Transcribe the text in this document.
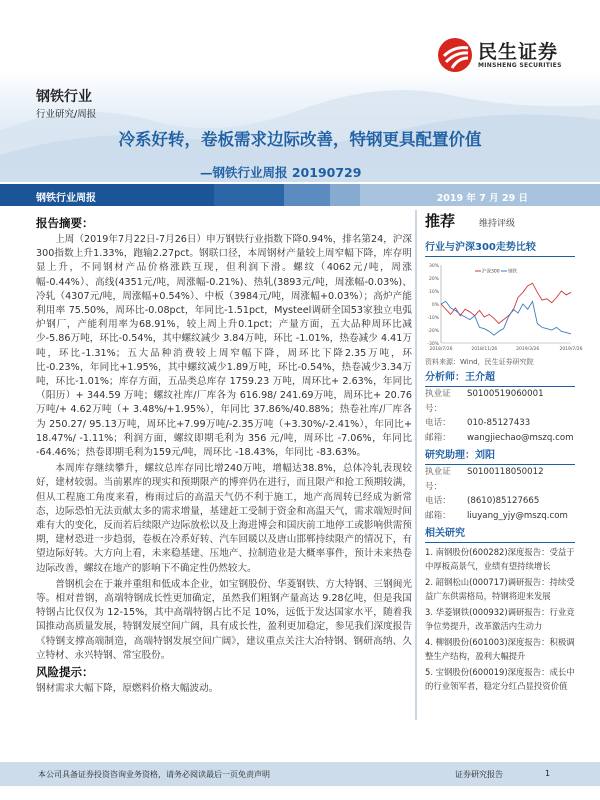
民生证券
MINSHENG SECURITIES
钢铁行业
行业研究/周报
冷系好转，卷板需求边际改善，特钢更具配置价值
—钢铁行业周报 20190729
钢铁行业周报	2019 年 7 月 29 日
报告摘要：

上周（2019年7月22日-7月26日）申万钢铁行业指数下降0.94%，排名第24，沪深300指数上升1.33%，跑输2.27pct。钢联口径，本周钢材产量较上周窄幅下降，库存明显上升，不同钢材产品价格涨跌互现，但利润下滑。螺纹（4062元/吨，周涨幅-0.44%）、高线(4351元/吨，周涨幅-0.21%)、热轧(3893元/吨，周涨幅-0.03%)、冷轧（4307元/吨，周涨幅+0.54%）、中板（3984元/吨，周涨幅+0.03%）；高炉产能利用率 75.50%，周环比-0.08pct，年同比-1.51pct，Mysteel调研全国53家独立电弧炉钢厂，产能利用率为68.91%，较上周上升0.1pct；产量方面，五大品种周环比减少-5.86万吨，环比-0.54%，其中螺纹减少 3.84万吨，环比 -1.01%，热卷减少 4.41万吨，环比-1.31%；五大品种消费较上周窄幅下降，周环比下降2.35万吨，环比-0.23%，年同比+1.95%，其中螺纹减少1.89万吨，环比-0.54%，热卷减少3.34万吨，环比-1.01%；库存方面，五品类总库存 1759.23 万吨，周环比+ 2.63%，年同比（阳历）+ 344.59 万吨；螺纹社库/厂库各为 616.98/ 241.69万吨，周环比+ 20.76万吨/+ 4.62万吨（+ 3.48%/+1.95%），年同比 37.86%/40.88%；热卷社库/厂库各为 250.27/ 95.13万吨，周环比+7.99万吨/-2.35万吨（+3.30%/-2.41%），年同比+ 18.47%/ -1.11%；利润方面，螺纹即期毛利为 356 元/吨，周环比 -7.06%，年同比 -64.46%；热卷即期毛利为159元/吨，周环比 -18.43%，年同比 -83.63%。

本周库存继续攀升，螺纹总库存同比增240万吨，增幅达38.8%，总体冷轧表现较好，建材较弱。当前累库的现实和预期限产的博弈仍在进行，而且限产和抢工预期较满，但从工程施工角度来看，梅雨过后的高温天气仍不利于施工，地产高周转已经成为新常态，边际恐怕无法贡献太多的需求增量，基建赶工受制于资金和高温天气，需求端短时间难有大的变化，反而若后续限产边际放松以及上海进博会和国庆前工地停工或影响供需预期，建材恐进一步趋弱，卷板在冷系好转、汽车回暖以及唐山邯郸持续限产的情况下，有望边际好转。大方向上看，未来稳基建、压地产、拉制造业是大概率事件，预计未来热卷边际改善，螺纹在地产的影响下不确定性仍然较大。

普钢机会在于兼并重组和低成本企业，如宝钢股份、华菱钢铁、方大特钢、三钢闽光等。相对普钢，高端特钢成长性更加确定，虽然我们粗钢产量高达 9.28亿吨，但是我国特钢占比仅仅为 12-15%，其中高端特钢占比不足 10%，远低于发达国家水平，随着我国推动高质量发展，特钢发展空间广阔，具有成长性，盈利更加稳定，参见我们深度报告《特钢支撑高端制造，高端特钢发展空间广阔》，建议重点关注大冶特钢、钢研高纳、久立特材、永兴特钢、常宝股份。

风险提示：

钢材需求大幅下降，原燃料价格大幅波动。

推荐	维持评级
行业与沪深300走势比较
30%
20%
10%
0%
-10%
-20%
-30%
2018/7/26	2018/11/26	2019/3/26	2019/7/26
沪深300 钢铁
资料来源：Wind，民生证券研究院
分析师：王介超
执业证号：
S0100519060001
电话：	010-85127433
邮箱：	wangjiechao@mszq.com
研究助理：刘阳
执业证号：
S0100118050012
电话：	(8610)85127665
邮箱：	liuyang_yjy@mszq.com
相关研究
1. 南钢股份(600282)深度报告：受益于中厚板高景气，业绩有望持续增长
2. 韶钢松山(000717)调研报告：持续受益广东供需格局，特钢将迎来发展
3. 华菱钢铁(000932)调研报告：行业竞争位势提升，改革激活内生动力
4. 柳钢股份(601003)深度报告：积极调整生产结构，盈利大幅提升
5. 宝钢股份(600019)深度报告：成长中的行业领军者，稳定分红凸显投资价值
本公司具备证券投资咨询业务资格，请务必阅读最后一页免责声明	证券研究报告	1
